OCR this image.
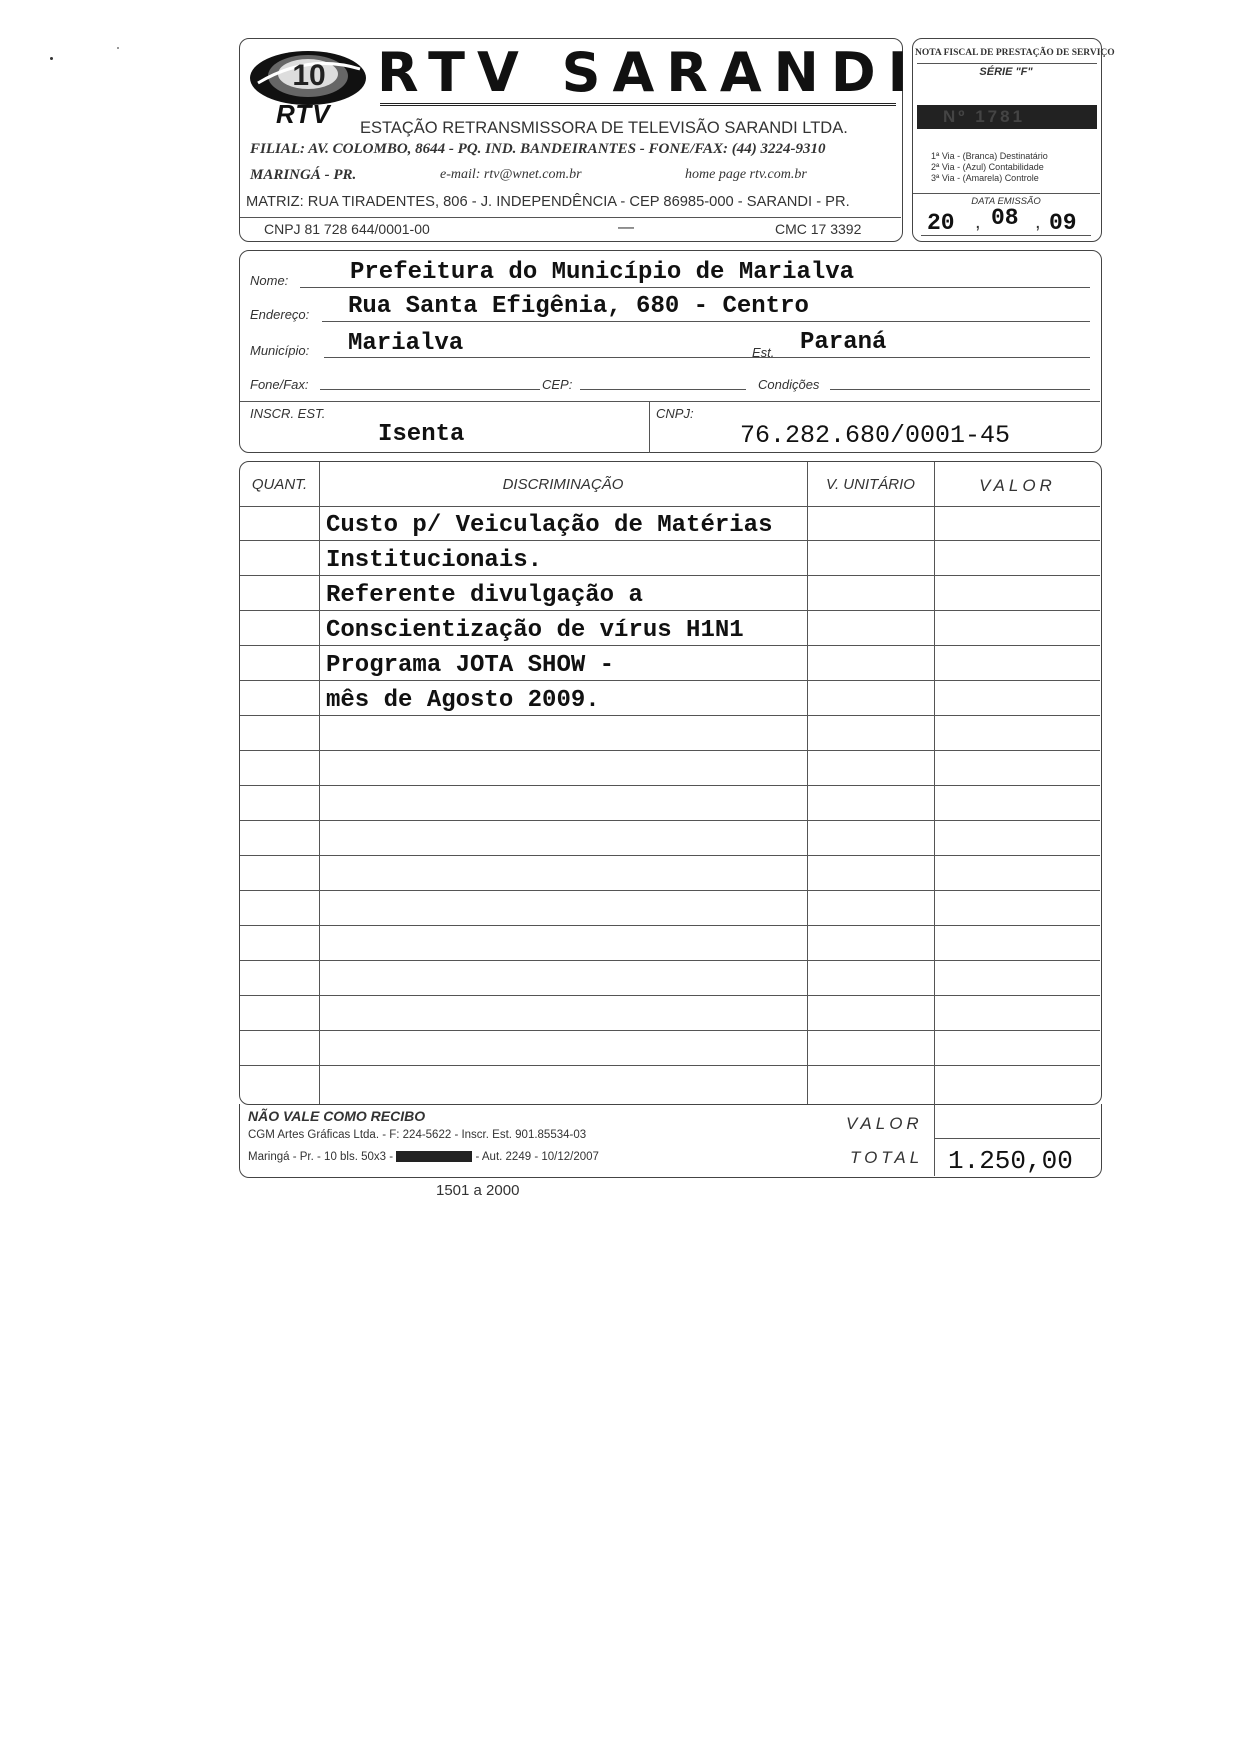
10
RTV
RTV SARANDI
ESTAÇÃO RETRANSMISSORA DE TELEVISÃO SARANDI LTDA.
FILIAL: AV. COLOMBO, 8644 - PQ. IND. BANDEIRANTES - FONE/FAX: (44) 3224-9310
MARINGÁ - PR.	e-mail: rtv@wnet.com.br	home page rtv.com.br
MATRIZ: RUA TIRADENTES, 806 - J. INDEPENDÊNCIA - CEP 86985-000 - SARANDI - PR.
CNPJ 81 728 644/0001-00	—	CMC 17 3392
NOTA FISCAL DE PRESTAÇÃO DE SERVIÇO
SÉRIE "F"
Nº 1781
1ª Via - (Branca) Destinatário
2ª Via - (Azul) Contabilidade
3ª Via - (Amarela) Controle
DATA EMISSÃO
20 , 08 , 09
Nome:	Prefeitura do Município de Marialva
Endereço: Rua Santa Efigênia, 680 - Centro
Município: Marialva	Est. Paraná
Fone/Fax:	CEP:	Condições
INSCR. EST.
Isenta
CNPJ:
76.282.680/0001-45
QUANT.	DISCRIMINAÇÃO	V. UNITÁRIO	VALOR
Custo p/ Veiculação de Matérias
Institucionais.
Referente divulgação a
Conscientização de vírus H1N1
Programa JOTA SHOW -
mês de Agosto 2009.
NÃO VALE COMO RECIBO
CGM Artes Gráficas Ltda. - F: 224-5622 - Inscr. Est. 901.85534-03
Maringá - Pr. - 10 bls. 50x3 -	- Aut. 2249 - 10/12/2007
VALOR
TOTAL 1.250,00
1501 a 2000
